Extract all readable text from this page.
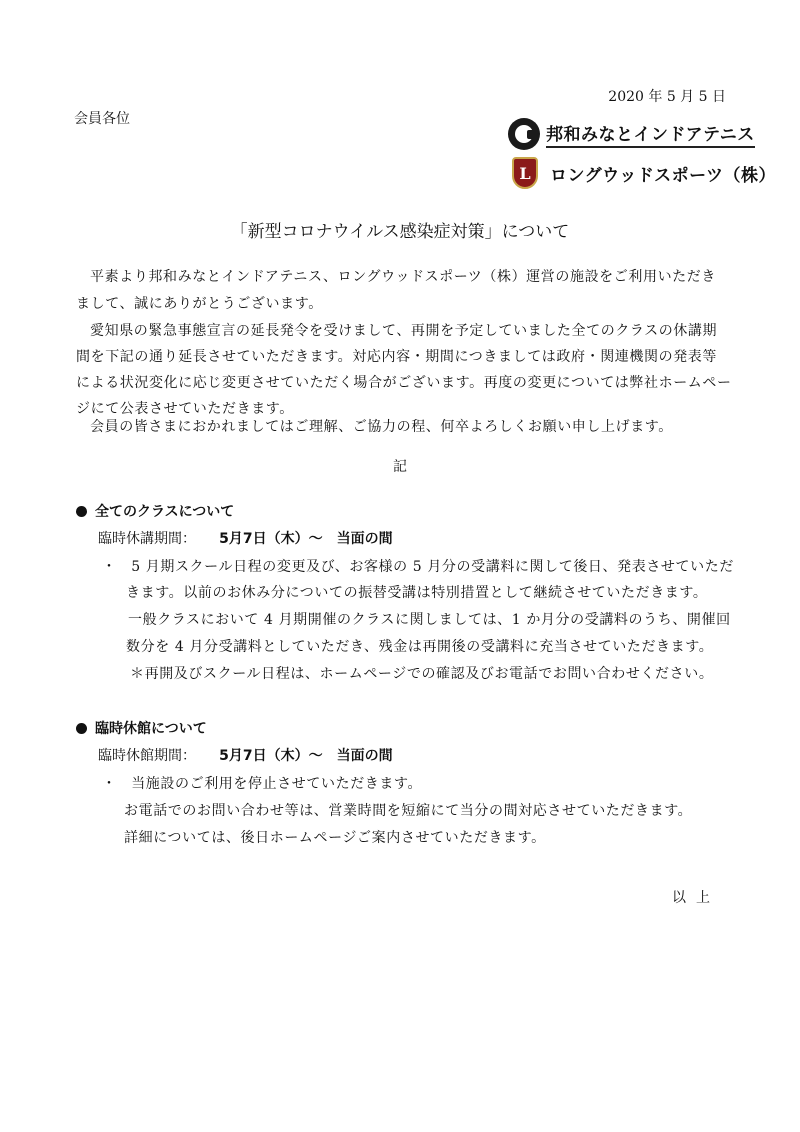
2020 年 5 月 5 日
会員各位
邦和みなとインドアテニス
L	ロングウッドスポーツ（株）
「新型コロナウイルス感染症対策」について
平素より邦和みなとインドアテニス、ロングウッドスポーツ（株）運営の施設をご利用いただき
まして、誠にありがとうございます。
愛知県の緊急事態宣言の延長発令を受けまして、再開を予定していました全てのクラスの休講期
間を下記の通り延長させていただきます。対応内容・期間につきましては政府・関連機関の発表等
による状況変化に応じ変更させていただく場合がございます。再度の変更については弊社ホームペー
ジにて公表させていただきます。
会員の皆さまにおかれましてはご理解、ご協力の程、何卒よろしくお願い申し上げます。
記
全てのクラスについて
臨時休講期間： 5月7日（木）～　当面の間
・　5 月期スクール日程の変更及び、お客様の 5 月分の受講料に関して後日、発表させていただ
きます。以前のお休み分についての振替受講は特別措置として継続させていただきます。
一般クラスにおいて 4 月期開催のクラスに関しましては、1 か月分の受講料のうち、開催回
数分を 4 月分受講料としていただき、残金は再開後の受講料に充当させていただきます。
＊再開及びスクール日程は、ホームページでの確認及びお電話でお問い合わせください。
臨時休館について
臨時休館期間： 5月7日（木）～　当面の間
・　当施設のご利用を停止させていただきます。
お電話でのお問い合わせ等は、営業時間を短縮にて当分の間対応させていただきます。
詳細については、後日ホームページご案内させていただきます。
以上
